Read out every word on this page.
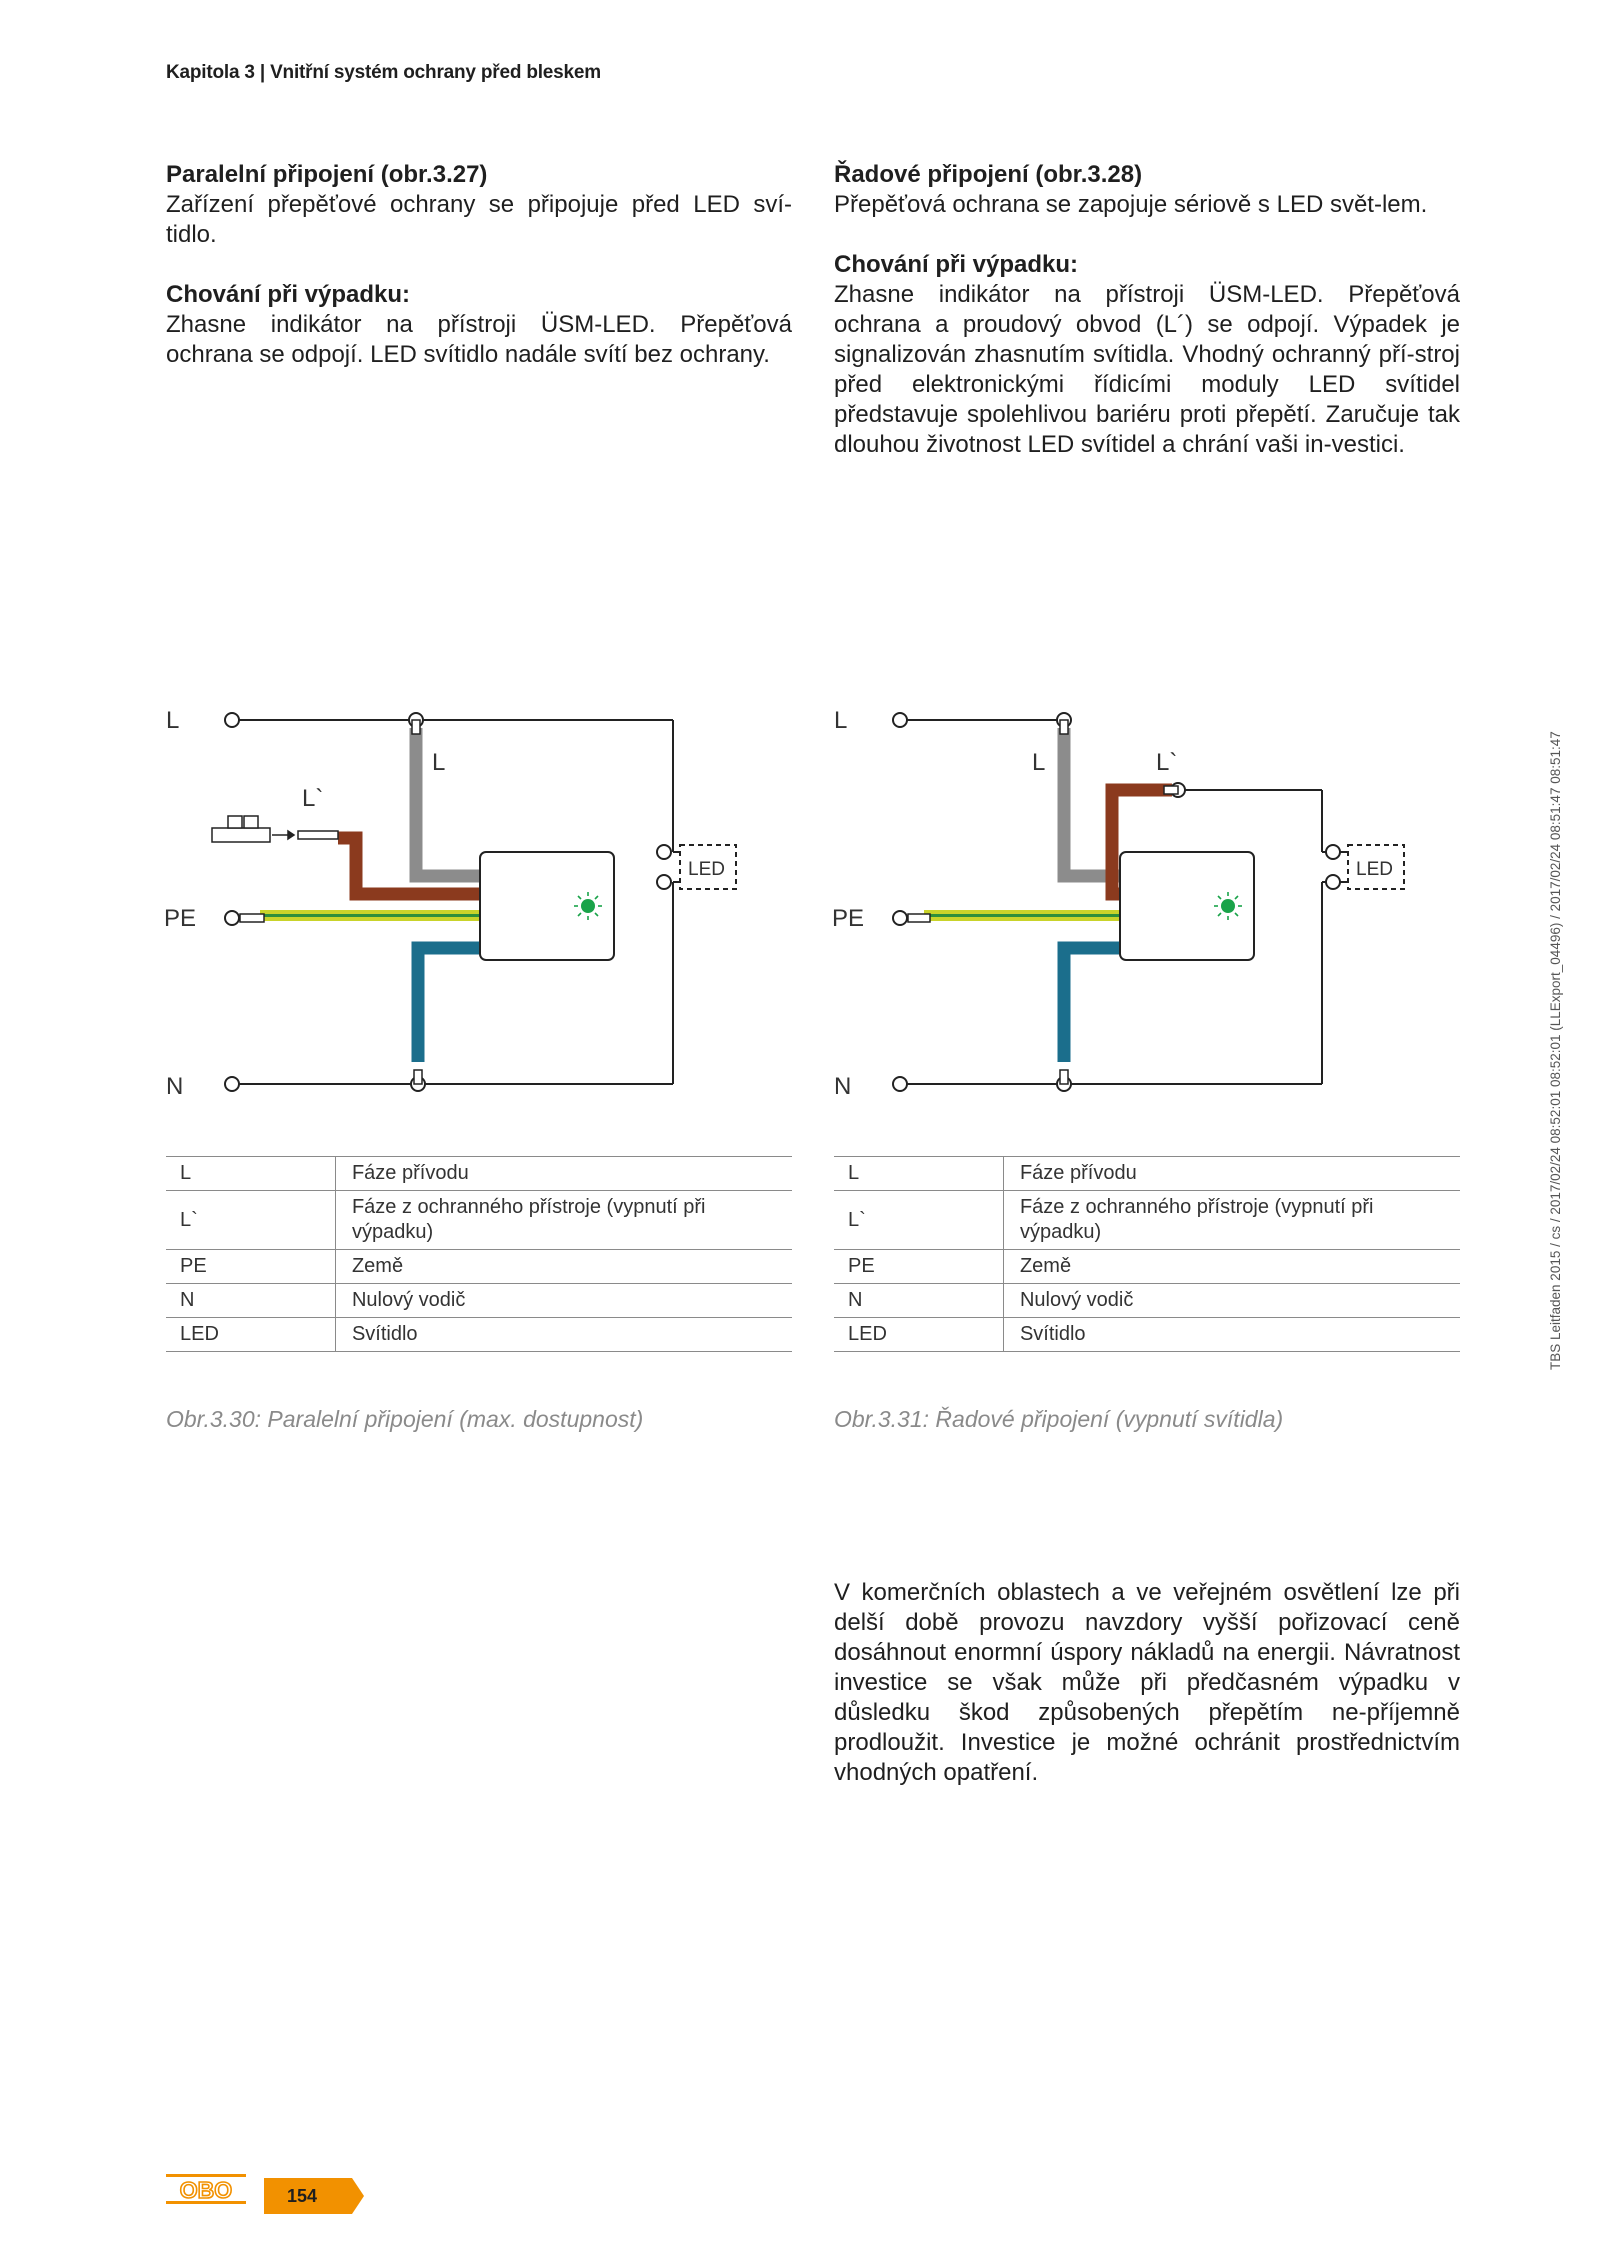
Kapitola 3 | Vnitřní systém ochrany před bleskem
Paralelní připojení (obr.3.27)

Zařízení přepěťové ochrany se připojuje před LED sví-tidlo.

Chování při výpadku:

Zhasne indikátor na přístroji ÜSM-LED. Přepěťová ochrana se odpojí. LED svítidlo nadále svítí bez ochrany.

Řadové připojení (obr.3.28)

Přepěťová ochrana se zapojuje sériově s LED svět-lem.

Chování při výpadku:

Zhasne indikátor na přístroji ÜSM-LED. Přepěťová ochrana a proudový obvod (L´) se odpojí. Výpadek je signalizován zhasnutím svítidla. Vhodný ochranný pří-stroj před elektronickými řídicími moduly LED svítidel představuje spolehlivou bariéru proti přepětí. Zaručuje tak dlouhou životnost LED svítidel a chrání vaši in-vestici.

L
L
L`
PE
N
LED
L
L	L`
PE
N
LED
L	Fáze přívodu
L`	Fáze z ochranného přístroje (vypnutí při výpadku)
PE	Země
N	Nulový vodič
LED	Svítidlo
L	Fáze přívodu
L`	Fáze z ochranného přístroje (vypnutí při výpadku)
PE	Země
N	Nulový vodič
LED	Svítidlo
Obr.3.30: Paralelní připojení (max. dostupnost)	Obr.3.31: Řadové připojení (vypnutí svítidla)
V komerčních oblastech a ve veřejném osvětlení lze při delší době provozu navzdory vyšší pořizovací ceně dosáhnout enormní úspory nákladů na energii. Návratnost investice se však může při předčasném výpadku v důsledku škod způsobených přepětím ne-příjemně prodloužit. Investice je možné ochránit prostřednictvím vhodných opatření.
TBS Leitfaden 2015 / cs / 2017/02/24 08:52:01 08:52:01 (LLExport_04496) / 2017/02/24 08:51:47 08:51:47
OBO	154
